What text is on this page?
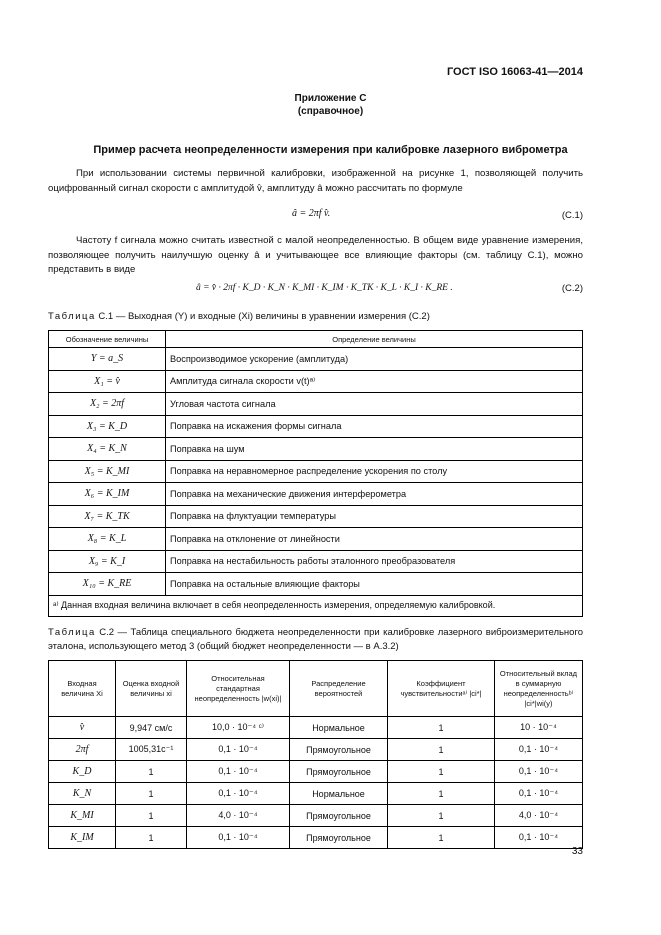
ГОСТ ISO 16063-41—2014
Приложение С
(справочное)
Пример расчета неопределенности измерения при калибровке лазерного виброметра

При использовании системы первичной калибровки, изображенной на рисунке 1, позволяющей получить оцифрованный сигнал скорости с амплитудой v̂, амплитуду â можно рассчитать по формуле

â = 2πf v̂.	(С.1)

Частоту f сигнала можно считать известной с малой неопределенностью. В общем виде уравнение измерения, позволяющее получить наилучшую оценку â и учитывающее все влияющие факторы (см. таблицу С.1), можно представить в виде

â = v̂ · 2πf · K_D · K_N · K_MI · K_IM · K_TK · K_L · K_I · K_RE .	(С.2)
Таблица С.1 — Выходная (Y) и входные (Xi) величины в уравнении измерения (С.2)
Обозначение величины	Определение величины
Y = a_S	Воспроизводимое ускорение (амплитуда)
X₁ = v̂	Амплитуда сигнала скорости v(t)ᵃ⁾
X₂ = 2πf	Угловая частота сигнала
X₃ = K_D	Поправка на искажения формы сигнала
X₄ = K_N	Поправка на шум
X₅ = K_MI	Поправка на неравномерное распределение ускорения по столу
X₆ = K_IM	Поправка на механические движения интерферометра
X₇ = K_TK	Поправка на флуктуации температуры
X₈ = K_L	Поправка на отклонение от линейности
X₉ = K_I	Поправка на нестабильность работы эталонного преобразователя
X₁₀ = K_RE	Поправка на остальные влияющие факторы
ᵃ⁾ Данная входная величина включает в себя неопределенность измерения, определяемую калибровкой.	
Таблица С.2 — Таблица специального бюджета неопределенности при калибровке лазерного виброизмерительного эталона, использующего метод 3 (общий бюджет неопределенности — в А.3.2)
Входная величина Xi	Оценка входной величины xi	Относительная стандартная неопределенность |w(xi)|	Распределение вероятностей	Коэффициент чувствительностиᵃ⁾ |ci*|	Относительный вклад в суммарную неопределенностьᵇ⁾ |ci*|wi(y)
v̂	9,947 см/с	10,0 · 10⁻⁴ ᶜ⁾	Нормальное	1	10 · 10⁻⁴
2πf	1005,31с⁻¹	0,1 · 10⁻⁴	Прямоугольное	1	0,1 · 10⁻⁴
K_D	1	0,1 · 10⁻⁴	Прямоугольное	1	0,1 · 10⁻⁴
K_N	1	0,1 · 10⁻⁴	Нормальное	1	0,1 · 10⁻⁴
K_MI	1	4,0 · 10⁻⁴	Прямоугольное	1	4,0 · 10⁻⁴
K_IM	1	0,1 · 10⁻⁴	Прямоугольное	1	0,1 · 10⁻⁴
33
